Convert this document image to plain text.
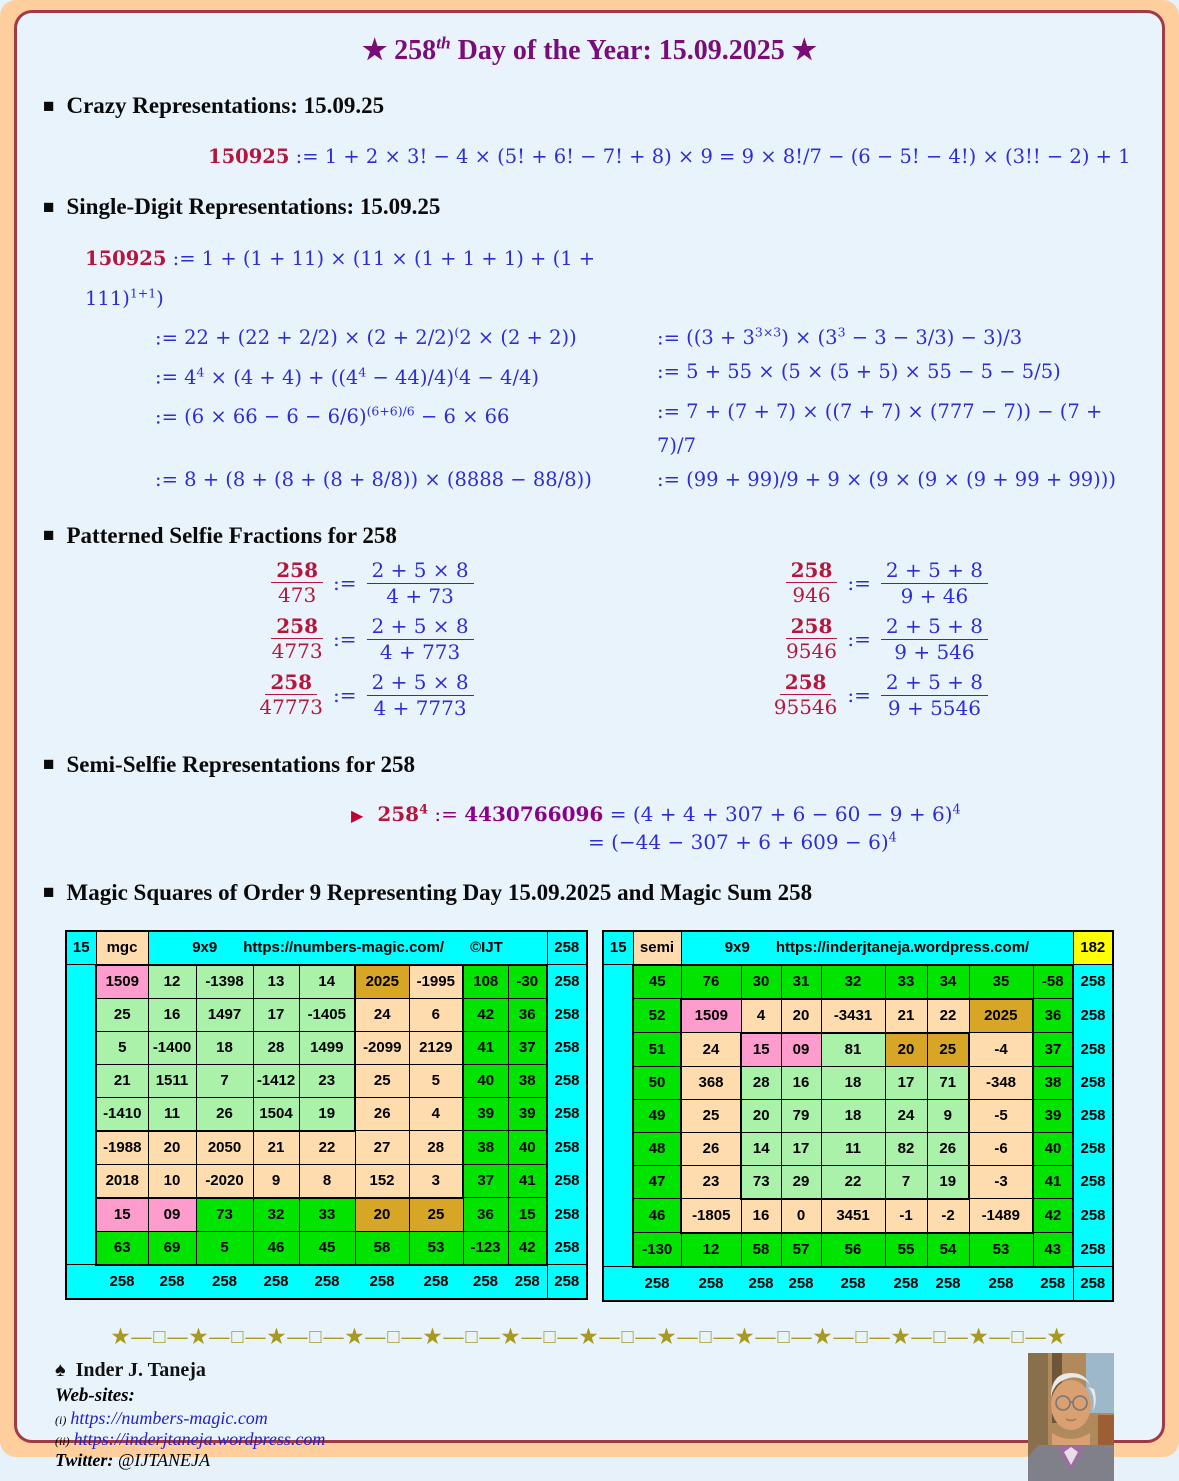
★ 258th Day of the Year: 15.09.2025 ★
■ Crazy Representations: 15.09.25
150925 := 1 + 2 × 3! − 4 × (5! + 6! − 7! + 8) × 9 = 9 × 8!/7 − (6 − 5! − 4!) × (3!! − 2) + 1
■ Single-Digit Representations: 15.09.25
150925 := $1 + (1 + 11) \times (11 \times (1 + 1 + 1) + (1 + 111)^{1+1})$
:= 22 + (22 + 2/2) × (2 + 2/2)(2 × (2 + 2))	:= $((3 + 3^{3\times 3}) \times (3^3 - 3 - 3/3) - 3)/3$
:= $4^4 \times (4 + 4) + ((4^4 - 44)/4)^(4 - 4/4$)	:= 5 + 55 × (5 × (5 + 5) × 55 − 5 − 5/5)
:= $(6 \times 66 - 6 - 6/6)^{(6+6)/6} - 6 \times 66$	:= 7 + (7 + 7) × ((7 + 7) × (777 − 7)) − (7 + 7)/7
:= 8 + (8 + (8 + (8 + 8/8)) × (8888 − 88/8))	:= (99 + 99)/9 + 9 × (9 × (9 × (9 + 99 + 99)))
■ Patterned Selfie Fractions for 258
$\frac{258}{473}$ := $\frac{2 + 5 \times 8}{4 + 73}$
$\frac{258}{4773}$ := $\frac{2 + 5 \times 8}{4 + 773}$
$\frac{258}{47773}$ := $\frac{2 + 5 \times 8}{4 + 7773}$
$\frac{258}{946}$ := $\frac{2 + 5 + 8}{9 + 46}$
$\frac{258}{9546}$ := $\frac{2 + 5 + 8}{9 + 546}$
$\frac{258}{95546}$ := $\frac{2 + 5 + 8}{9 + 5546}$
■ Semi-Selfie Representations for 258
▶ $258^4$ := $4430766096 = (4 + 4 + 307 + 6 - 60 - 9 + 6)^4$
= $(-44 - 307 + 6 + 609 - 6)^4$
■ Magic Squares of Order 9 Representing Day 15.09.2025 and Magic Sum 258
15	mgc	9x9 https://numbers-magic.com/ ©IJT								258
	1509	12	-1398	13	14	2025	-1995	108	-30	258
	25	16	1497	17	-1405	24	6	42	36	258
	5	-1400	18	28	1499	-2099	2129	41	37	258
	21	1511	7	-1412	23	25	5	40	38	258
	-1410	11	26	1504	19	26	4	39	39	258
	-1988	20	2050	21	22	27	28	38	40	258
	2018	10	-2020	9	8	152	3	37	41	258
	15	09	73	32	33	20	25	36	15	258
	63	69	5	46	45	58	53	-123	42	258
	258	258	258	258	258	258	258	258	258	258
15	semi	9x9 https://inderjtaneja.wordpress.com/								182
	45	76	30	31	32	33	34	35	-58	258
	52	1509	4	20	-3431	21	22	2025	36	258
	51	24	15	09	81	20	25	-4	37	258
	50	368	28	16	18	17	71	-348	38	258
	49	25	20	79	18	24	9	-5	39	258
	48	26	14	17	11	82	26	-6	40	258
	47	23	73	29	22	7	19	-3	41	258
	46	-1805	16	0	3451	-1	-2	-1489	42	258
	-130	12	58	57	56	55	54	53	43	258
	258	258	258	258	258	258	258	258	258	258
★—□—★—□—★—□—★—□—★—□—★—□—★—□—★—□—★—□—★—□—★—□—★—□—★
♠ Inder J. Taneja
Web-sites:
(i) https://numbers-magic.com
(ii) https://inderjtaneja.wordpress.com
Twitter: @IJTANEJA
